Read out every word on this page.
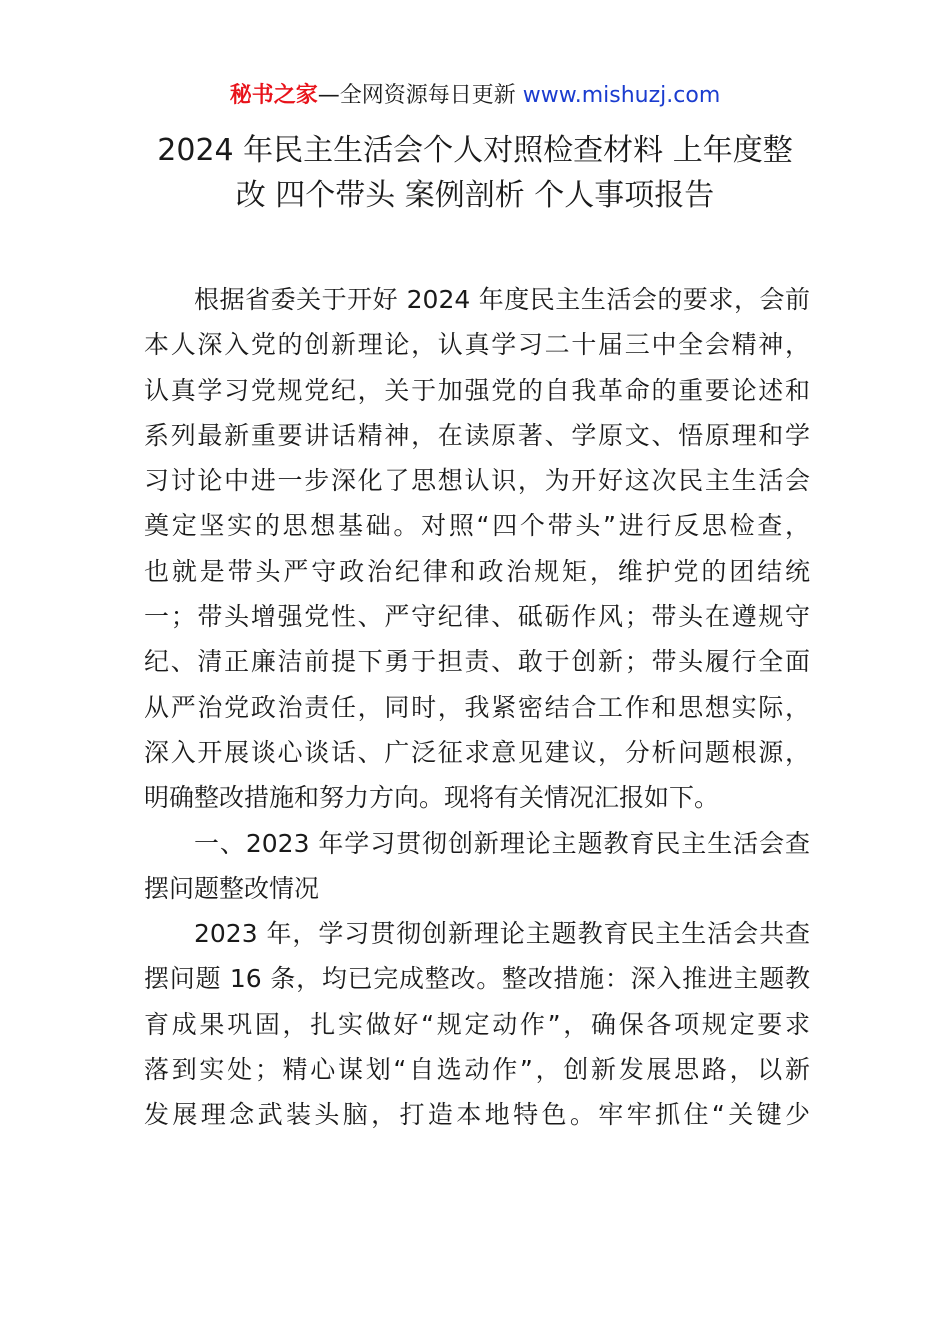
秘书之家—全网资源每日更新 www.mishuzj.com
2024 年民主生活会个人对照检查材料 上年度整
改 四个带头 案例剖析 个人事项报告
根据省委关于开好 2024 年度民主生活会的要求，会前
本人深入党的创新理论，认真学习二十届三中全会精神，
认真学习党规党纪，关于加强党的自我革命的重要论述和
系列最新重要讲话精神，在读原著、学原文、悟原理和学
习讨论中进一步深化了思想认识，为开好这次民主生活会
奠定坚实的思想基础。对照“四个带头”进行反思检查，
也就是带头严守政治纪律和政治规矩，维护党的团结统
一；带头增强党性、严守纪律、砥砺作风；带头在遵规守
纪、清正廉洁前提下勇于担责、敢于创新；带头履行全面
从严治党政治责任，同时，我紧密结合工作和思想实际，
深入开展谈心谈话、广泛征求意见建议，分析问题根源，
明确整改措施和努力方向。现将有关情况汇报如下。
一、2023 年学习贯彻创新理论主题教育民主生活会查
摆问题整改情况
2023 年，学习贯彻创新理论主题教育民主生活会共查
摆问题 16 条，均已完成整改。整改措施：深入推进主题教
育成果巩固，扎实做好“规定动作”，确保各项规定要求
落到实处；精心谋划“自选动作”，创新发展思路，以新
发展理念武装头脑，打造本地特色。牢牢抓住“关键少
